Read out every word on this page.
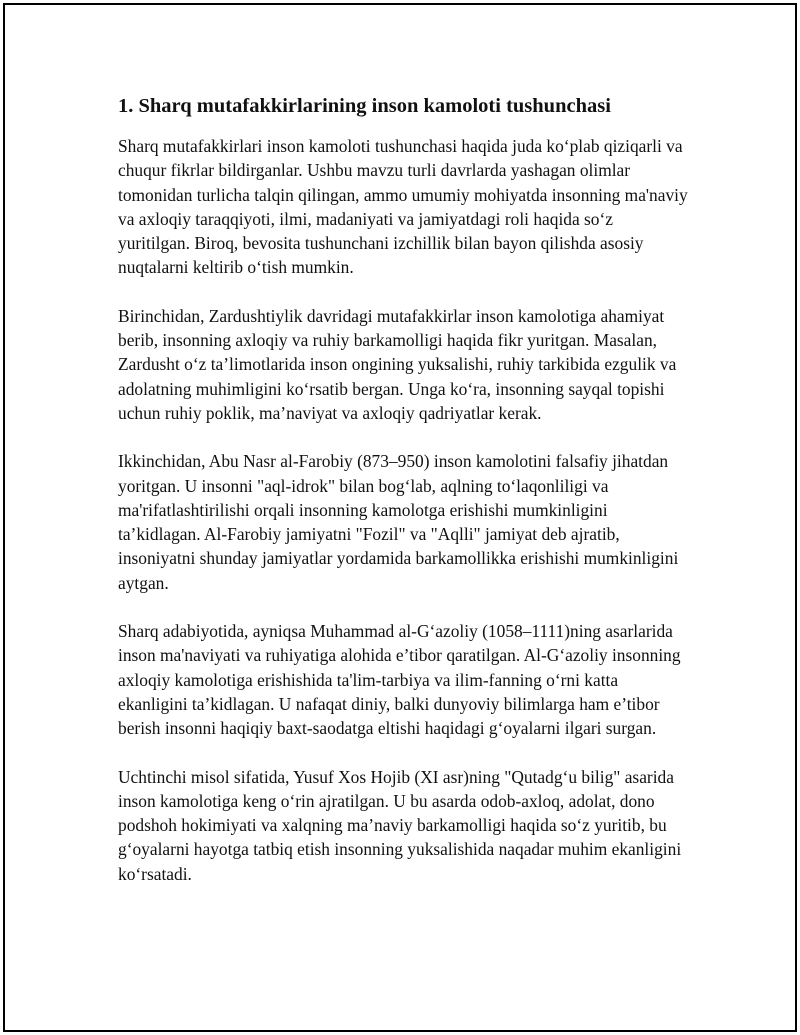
1. Sharq mutafakkirlarining inson kamoloti tushunchasi

Sharq mutafakkirlari inson kamoloti tushunchasi haqida juda ko‘plab qiziqarli va chuqur fikrlar bildirganlar. Ushbu mavzu turli davrlarda yashagan olimlar tomonidan turlicha talqin qilingan, ammo umumiy mohiyatda insonning ma'naviy va axloqiy taraqqiyoti, ilmi, madaniyati va jamiyatdagi roli haqida so‘z yuritilgan. Biroq, bevosita tushunchani izchillik bilan bayon qilishda asosiy nuqtalarni keltirib o‘tish mumkin.

Birinchidan, Zardushtiylik davridagi mutafakkirlar inson kamolotiga ahamiyat berib, insonning axloqiy va ruhiy barkamolligi haqida fikr yuritgan. Masalan, Zardusht o‘z ta’limotlarida inson ongining yuksalishi, ruhiy tarkibida ezgulik va adolatning muhimligini ko‘rsatib bergan. Unga ko‘ra, insonning sayqal topishi uchun ruhiy poklik, ma’naviyat va axloqiy qadriyatlar kerak.

Ikkinchidan, Abu Nasr al-Farobiy (873–950) inson kamolotini falsafiy jihatdan yoritgan. U insonni "aql-idrok" bilan bog‘lab, aqlning to‘laqonliligi va ma'rifatlashtirilishi orqali insonning kamolotga erishishi mumkinligini ta’kidlagan. Al-Farobiy jamiyatni "Fozil" va "Aqlli" jamiyat deb ajratib, insoniyatni shunday jamiyatlar yordamida barkamollikka erishishi mumkinligini aytgan.

Sharq adabiyotida, ayniqsa Muhammad al-G‘azoliy (1058–1111)ning asarlarida inson ma'naviyati va ruhiyatiga alohida e’tibor qaratilgan. Al-G‘azoliy insonning axloqiy kamolotiga erishishida ta'lim-tarbiya va ilim-fanning o‘rni katta ekanligini ta’kidlagan. U nafaqat diniy, balki dunyoviy bilimlarga ham e’tibor berish insonni haqiqiy baxt-saodatga eltishi haqidagi g‘oyalarni ilgari surgan.

Uchtinchi misol sifatida, Yusuf Xos Hojib (XI asr)ning "Qutadg‘u bilig" asarida inson kamolotiga keng o‘rin ajratilgan. U bu asarda odob-axloq, adolat, dono podshoh hokimiyati va xalqning ma’naviy barkamolligi haqida so‘z yuritib, bu g‘oyalarni hayotga tatbiq etish insonning yuksalishida naqadar muhim ekanligini ko‘rsatadi.
